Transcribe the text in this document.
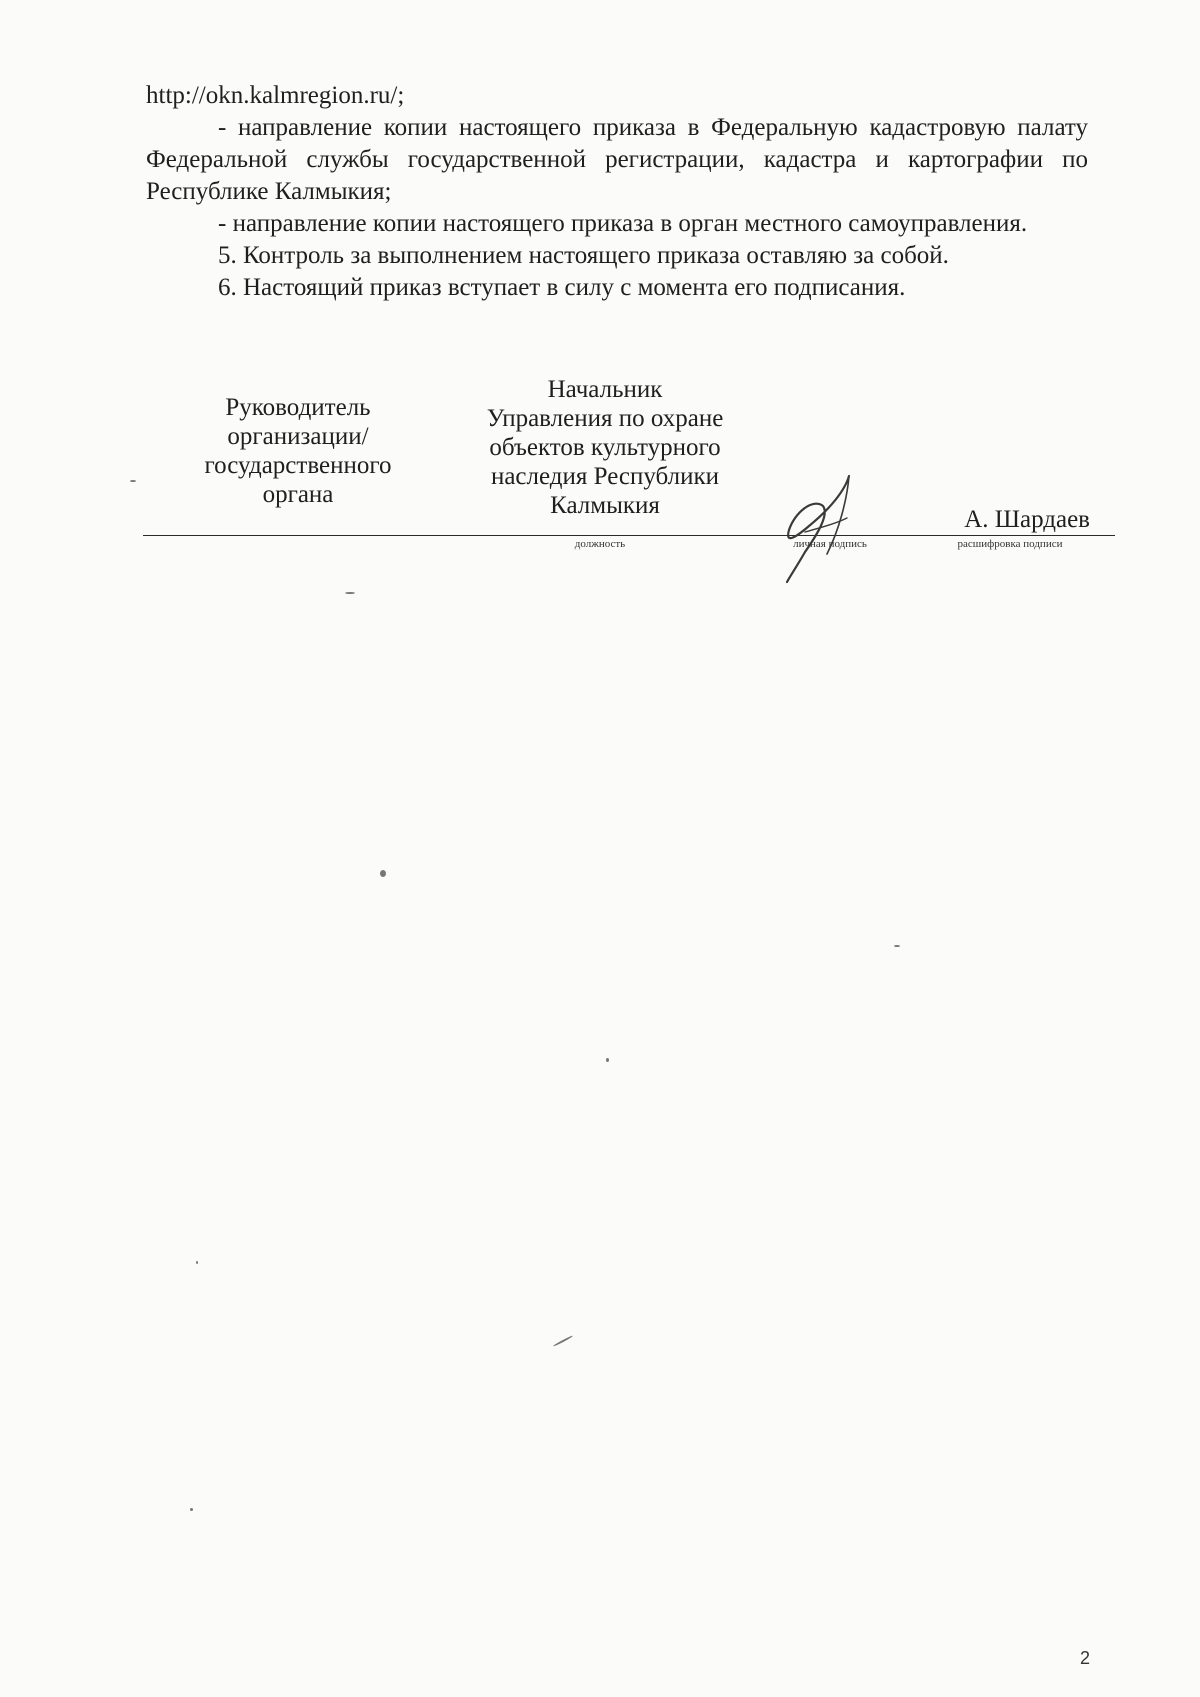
http://okn.kalmregion.ru/;

- направление копии настоящего приказа в Федеральную кадастровую палату Федеральной службы государственной регистрации, кадастра и картографии по Республике Калмыкия;

- направление копии настоящего приказа в орган местного самоуправления.

5. Контроль за выполнением настоящего приказа оставляю за собой.

6. Настоящий приказ вступает в силу с момента его подписания.

Руководитель
организации/
государственного
органа
Начальник
Управления по охране
объектов культурного
наследия Республики
Калмыкия
А. Шардаев
должность	личная подпись	расшифровка подписи
2
